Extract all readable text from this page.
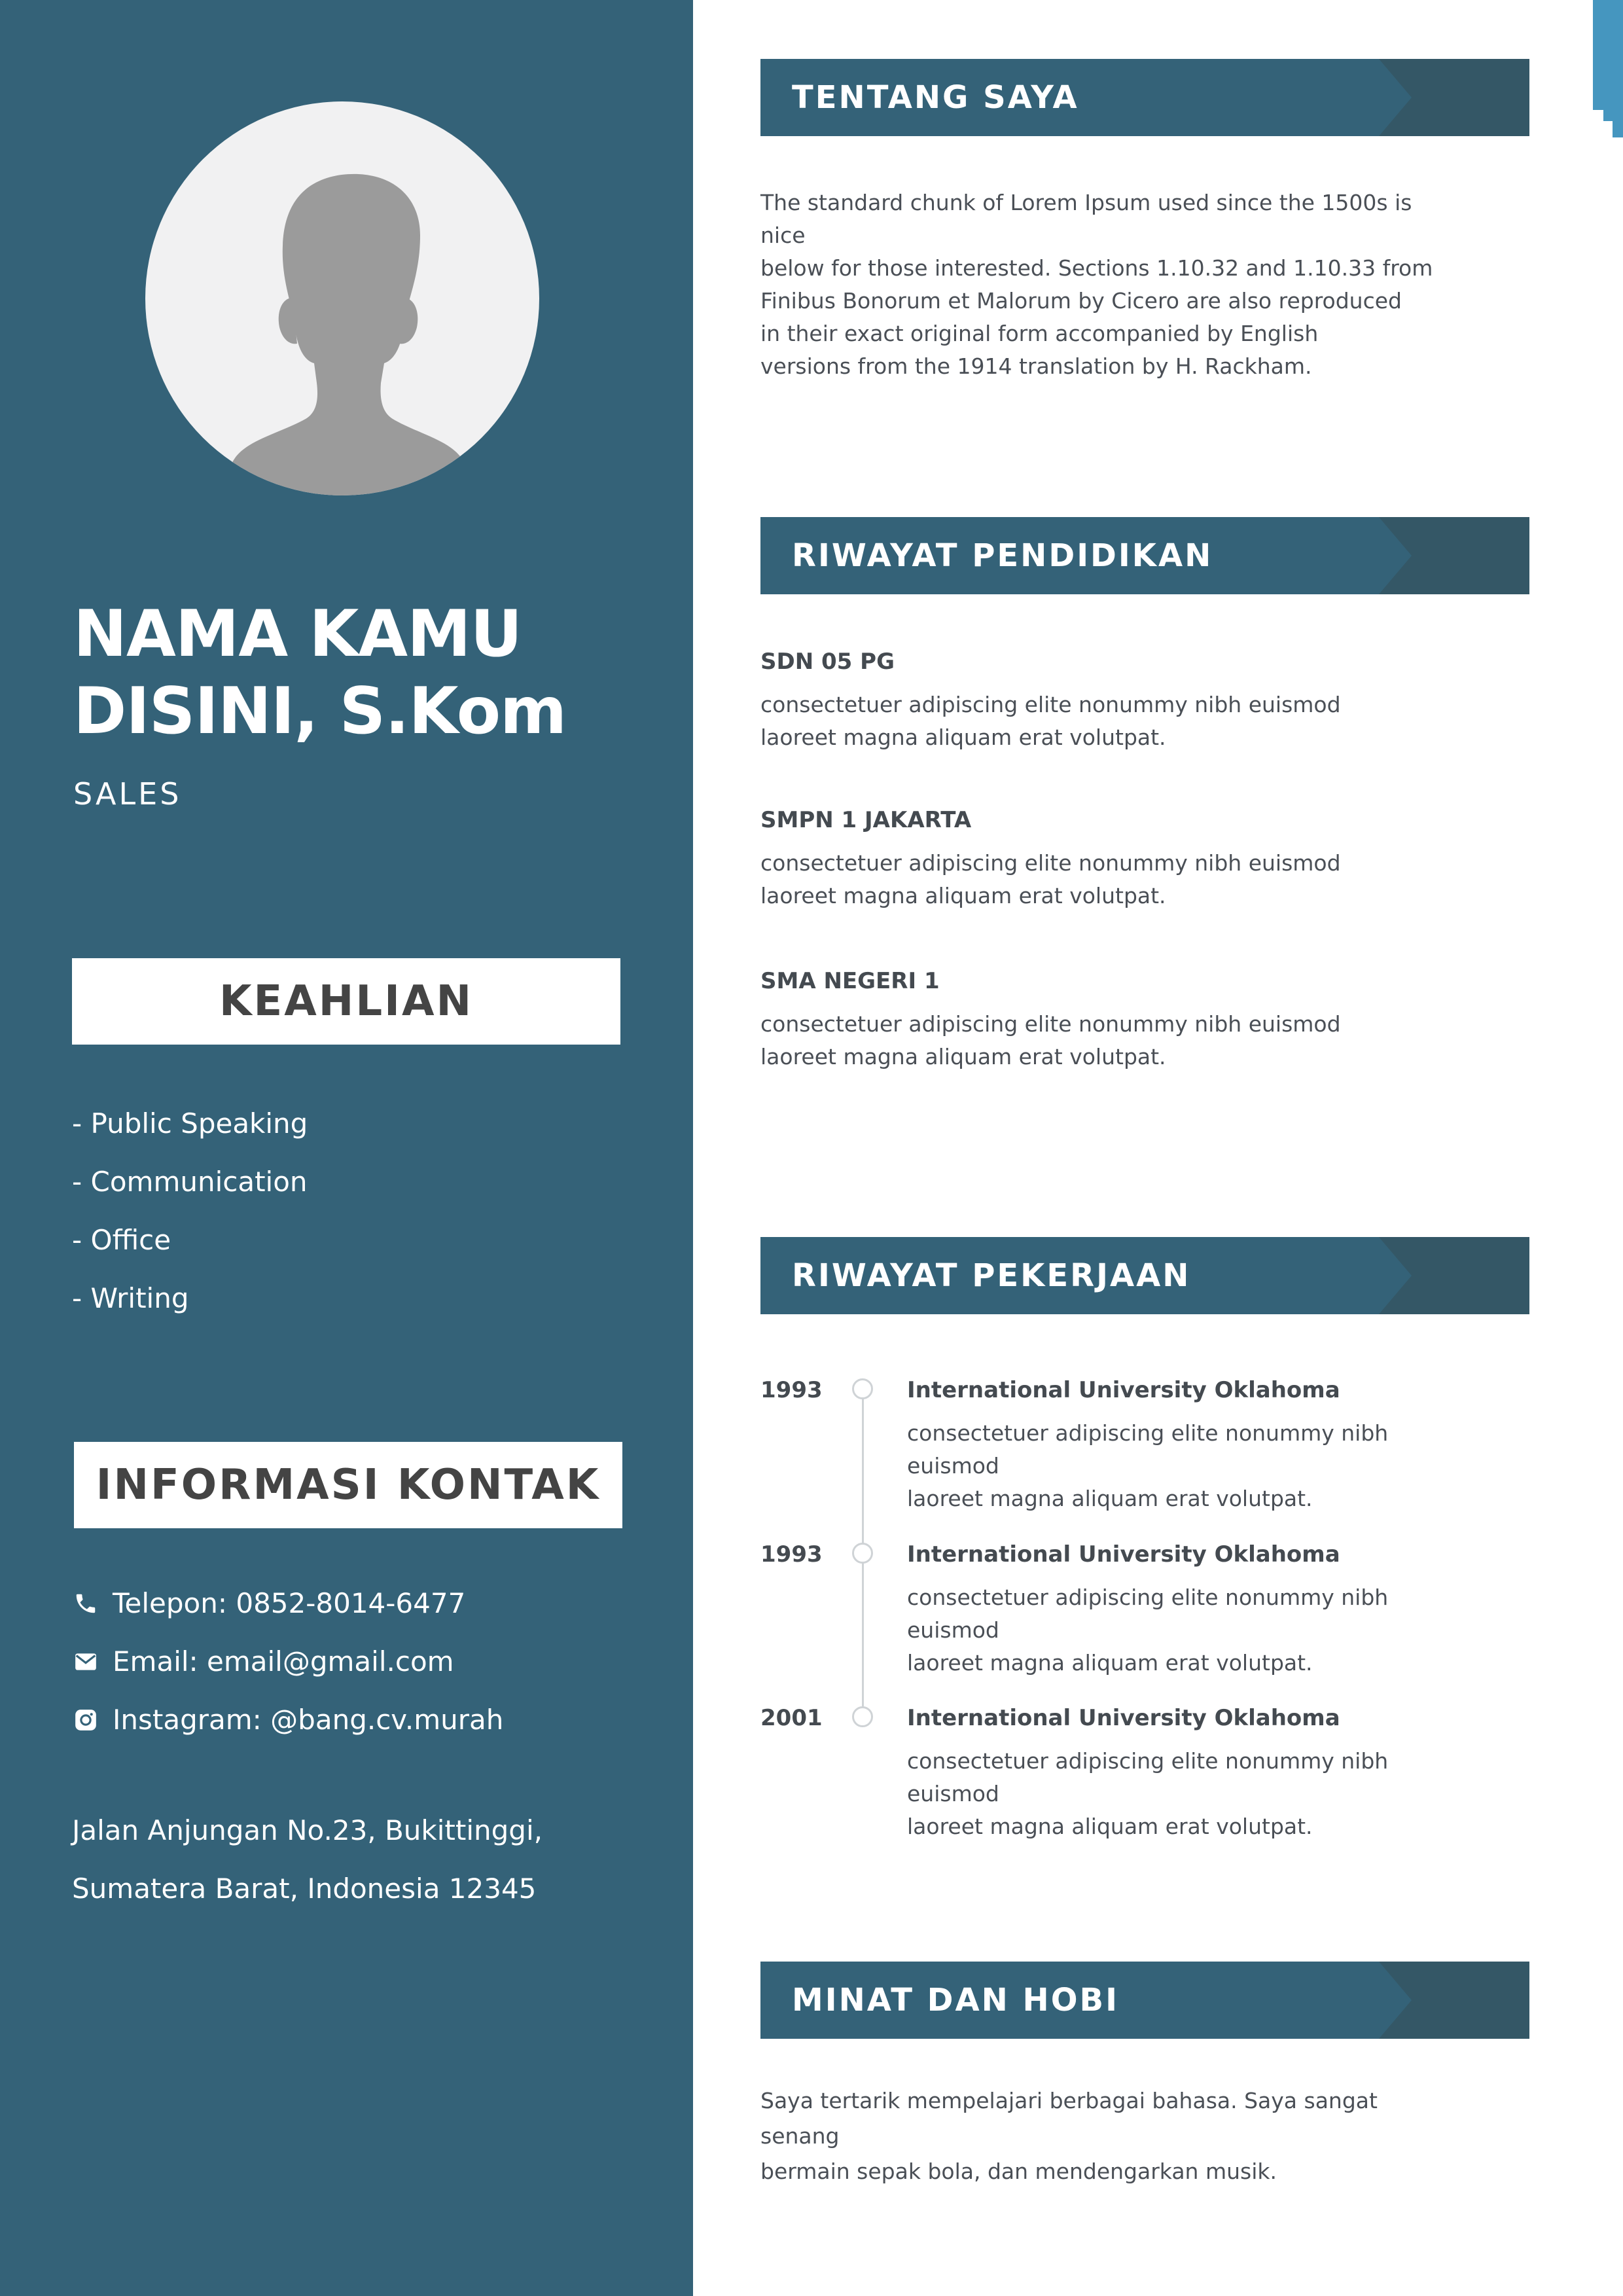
NAMA KAMU
DISINI, S.Kom
SALES
KEAHLIAN
- Public Speaking
- Communication
- Office
- Writing
INFORMASI KONTAK
Telepon: 0852-8014-6477
Email: email@gmail.com
Instagram: @bang.cv.murah
Jalan Anjungan No.23, Bukittinggi,
Sumatera Barat, Indonesia 12345
TENTANG SAYA
The standard chunk of Lorem Ipsum used since the 1500s is nice
below for those interested. Sections 1.10.32 and 1.10.33 from
Finibus Bonorum et Malorum by Cicero are also reproduced
in their exact original form accompanied by English
versions from the 1914 translation by H. Rackham.
RIWAYAT PENDIDIKAN
SDN 05 PG
consectetuer adipiscing elite nonummy nibh euismod
laoreet magna aliquam erat volutpat.
SMPN 1 JAKARTA
consectetuer adipiscing elite nonummy nibh euismod
laoreet magna aliquam erat volutpat.
SMA NEGERI 1
consectetuer adipiscing elite nonummy nibh euismod
laoreet magna aliquam erat volutpat.
RIWAYAT PEKERJAAN
1993	International University Oklahoma
consectetuer adipiscing elite nonummy nibh euismod
laoreet magna aliquam erat volutpat.
1993	International University Oklahoma
consectetuer adipiscing elite nonummy nibh euismod
laoreet magna aliquam erat volutpat.
2001	International University Oklahoma
consectetuer adipiscing elite nonummy nibh euismod
laoreet magna aliquam erat volutpat.
MINAT DAN HOBI
Saya tertarik mempelajari berbagai bahasa. Saya sangat senang
bermain sepak bola, dan mendengarkan musik.
